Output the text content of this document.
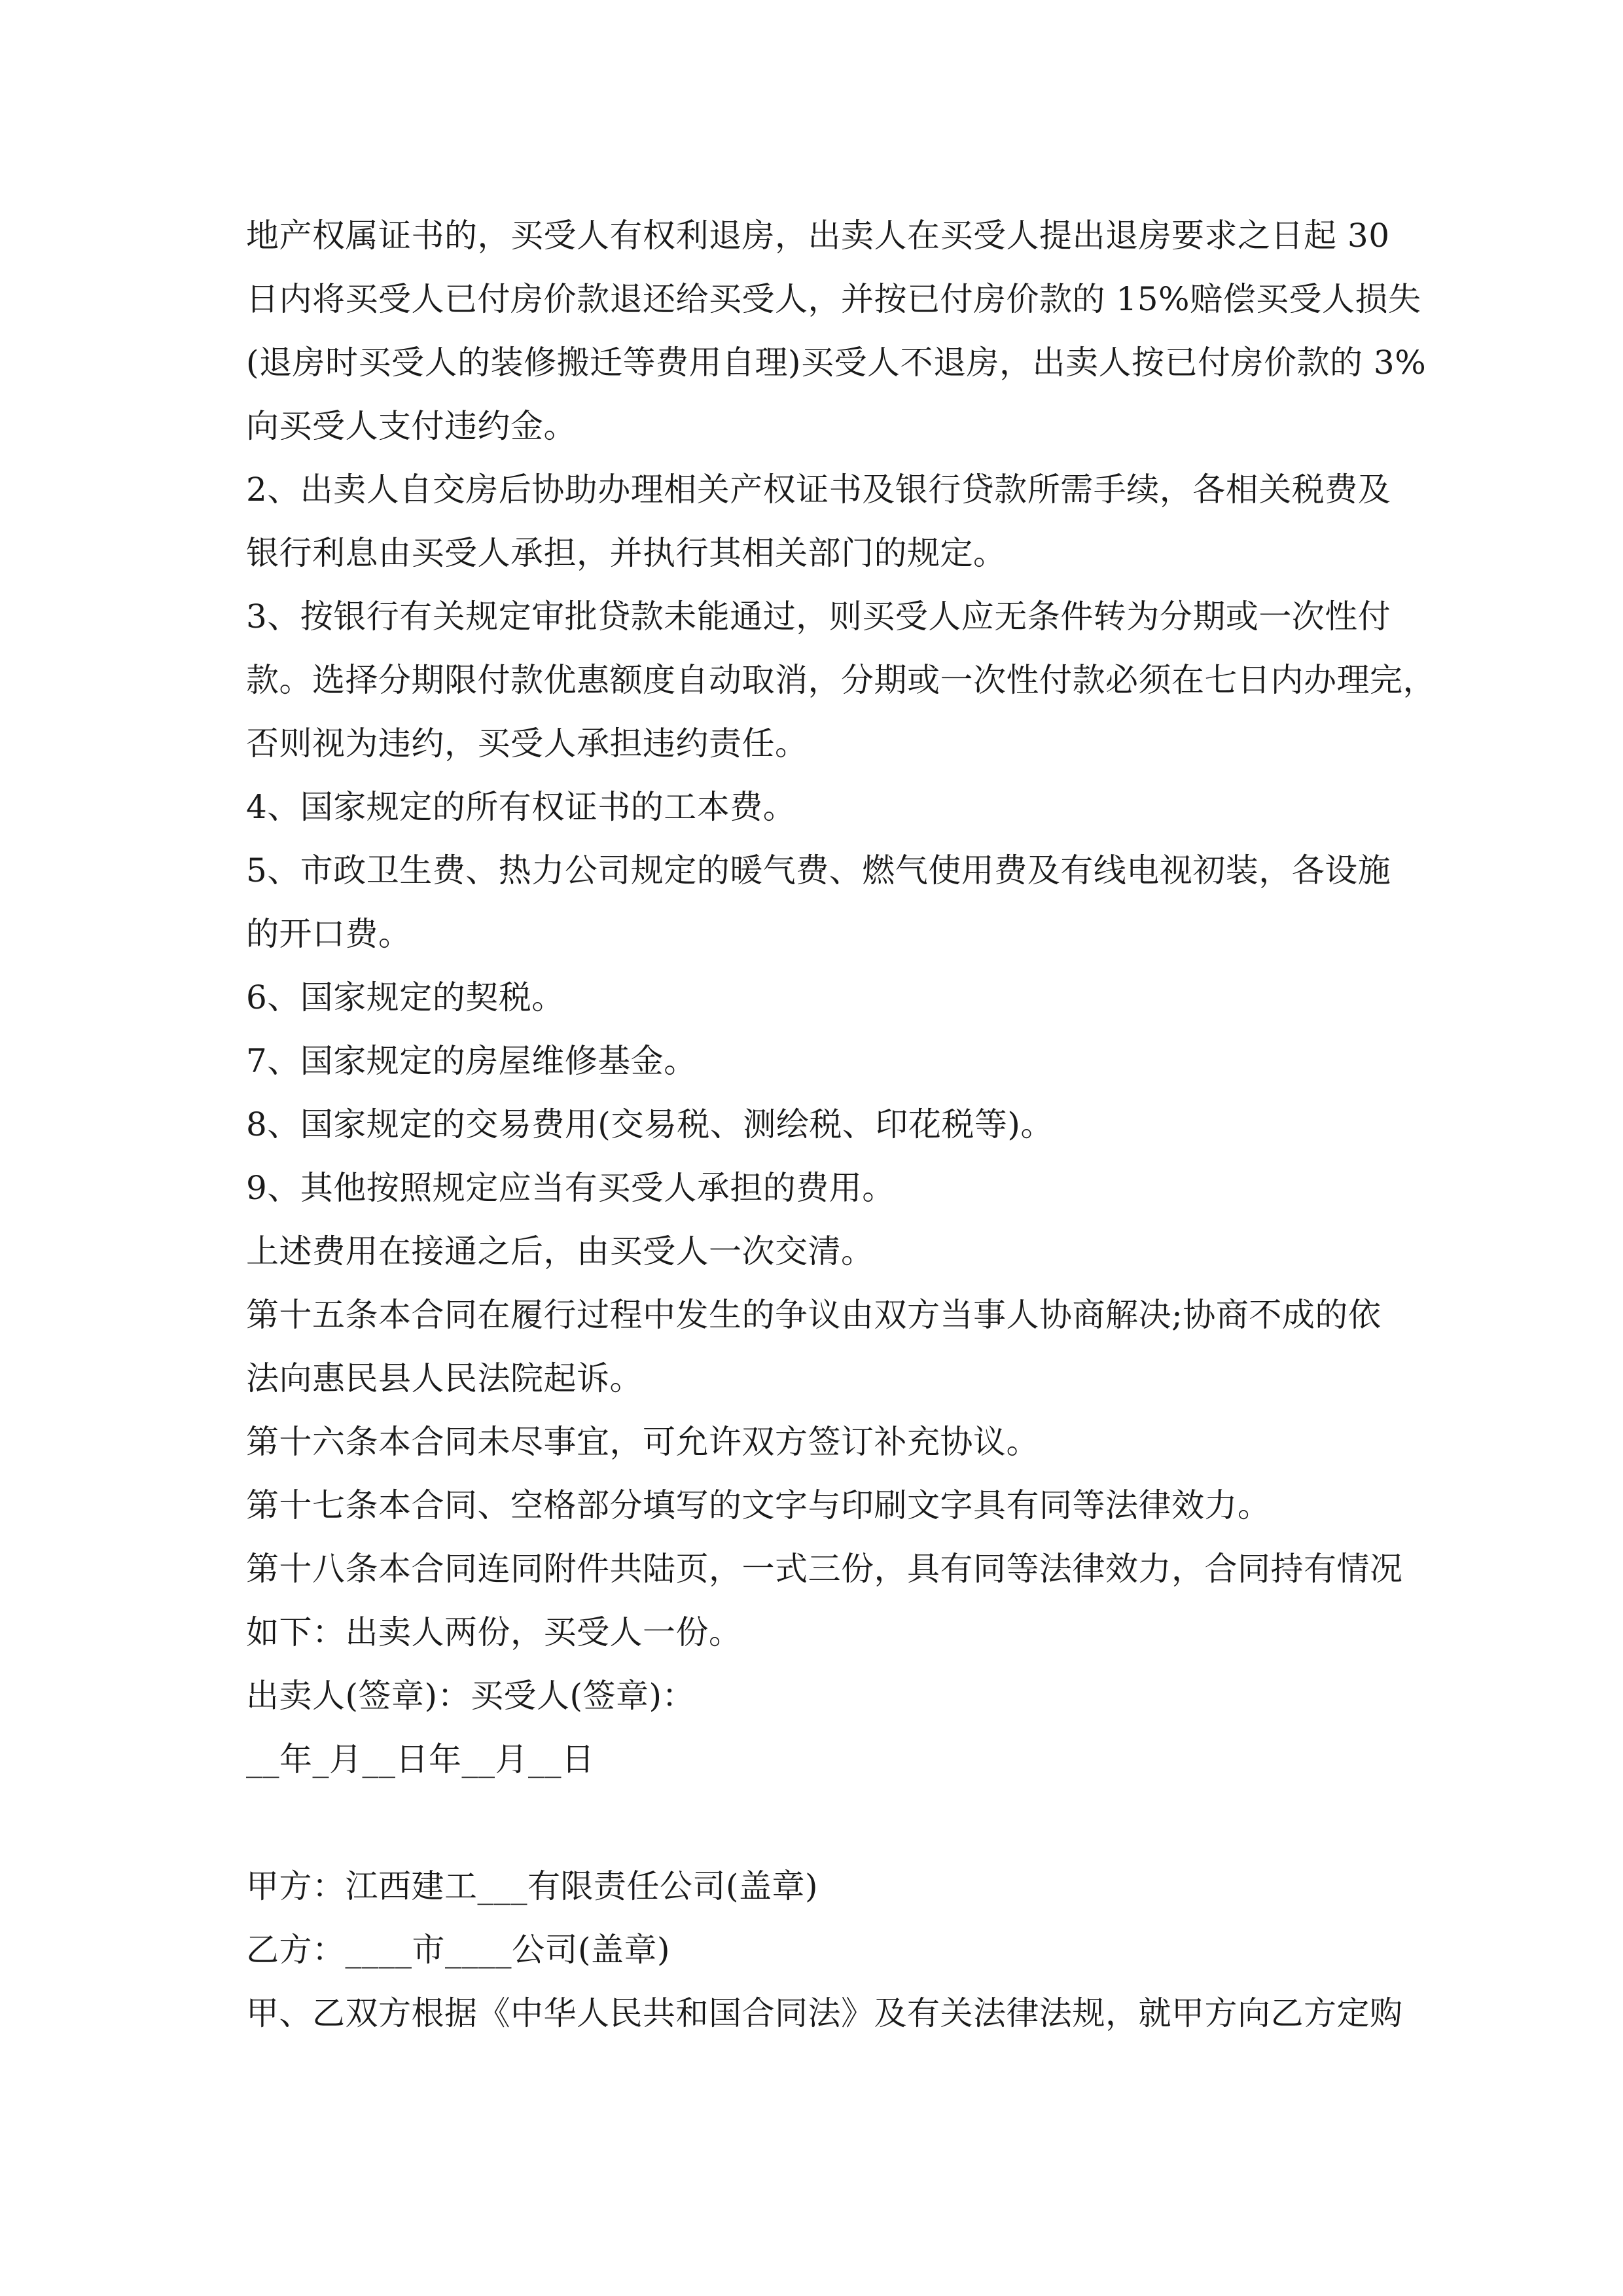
地产权属证书的，买受人有权利退房，出卖人在买受人提出退房要求之日起 30
日内将买受人已付房价款退还给买受人，并按已付房价款的 15%赔偿买受人损失
(退房时买受人的装修搬迁等费用自理)买受人不退房，出卖人按已付房价款的 3%
向买受人支付违约金。
2、出卖人自交房后协助办理相关产权证书及银行贷款所需手续，各相关税费及
银行利息由买受人承担，并执行其相关部门的规定。
3、按银行有关规定审批贷款未能通过，则买受人应无条件转为分期或一次性付
款。选择分期限付款优惠额度自动取消，分期或一次性付款必须在七日内办理完，
否则视为违约，买受人承担违约责任。
4、国家规定的所有权证书的工本费。
5、市政卫生费、热力公司规定的暖气费、燃气使用费及有线电视初装，各设施
的开口费。
6、国家规定的契税。
7、国家规定的房屋维修基金。
8、国家规定的交易费用(交易税、测绘税、印花税等)。
9、其他按照规定应当有买受人承担的费用。
上述费用在接通之后，由买受人一次交清。
第十五条本合同在履行过程中发生的争议由双方当事人协商解决;协商不成的依
法向惠民县人民法院起诉。
第十六条本合同未尽事宜，可允许双方签订补充协议。
第十七条本合同、空格部分填写的文字与印刷文字具有同等法律效力。
第十八条本合同连同附件共陆页，一式三份，具有同等法律效力，合同持有情况
如下：出卖人两份，买受人一份。
出卖人(签章)：买受人(签章)：
__年_月__日年__月__日
甲方：江西建工___有限责任公司(盖章)
乙方：____市____公司(盖章)
甲、乙双方根据《中华人民共和国合同法》及有关法律法规，就甲方向乙方定购
